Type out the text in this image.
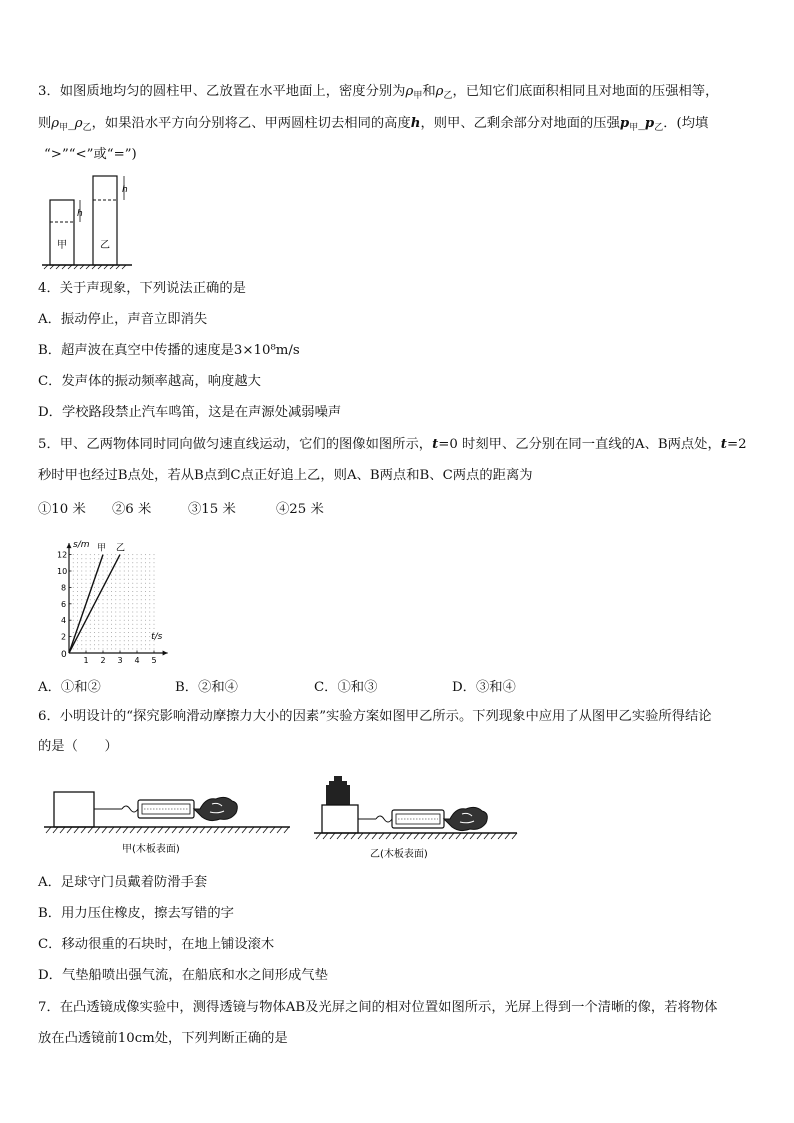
3．如图质地均匀的圆柱甲、乙放置在水平地面上，密度分别为$\rho_甲$和$\rho_乙$，已知它们底面积相同且对地面的压强相等，
则$\rho_甲\_\rho_乙$，如果沿水平方向分别将乙、甲两圆柱切去相同的高度h，则甲、乙剩余部分对地面的压强$p_甲\_p_乙$．(均填
“>”“<”或“=”)
h
甲
h
乙
4．关于声现象，下列说法正确的是
A．振动停止，声音立即消失
B．超声波在真空中传播的速度是3×10⁸m/s
C．发声体的振动频率越高，响度越大
D．学校路段禁止汽车鸣笛，这是在声源处减弱噪声
5．甲、乙两物体同时同向做匀速直线运动，它们的图像如图所示，t=0 时刻甲、乙分别在同一直线的A、B两点处，t=2
秒时甲也经过B点处，若从B点到C点正好追上乙，则A、B两点和B、C两点的距离为
①10 米 ②6 米	③15 米	④25 米
1 2 3 4 5
2
4
6
8
10
12
甲 乙
t/s
s/m
0
A．①和②	B．②和④	C．①和③	D．③和④
6．小明设计的“探究影响滑动摩擦力大小的因素”实验方案如图甲乙所示。下列现象中应用了从图甲乙实验所得结论
的是（　　）
甲(木板表面)	乙(木板表面)
A．足球守门员戴着防滑手套
B．用力压住橡皮，擦去写错的字
C．移动很重的石块时，在地上铺设滚木
D．气垫船喷出强气流，在船底和水之间形成气垫
7．在凸透镜成像实验中，测得透镜与物体AB及光屏之间的相对位置如图所示，光屏上得到一个清晰的像，若将物体
放在凸透镜前10cm处，下列判断正确的是
